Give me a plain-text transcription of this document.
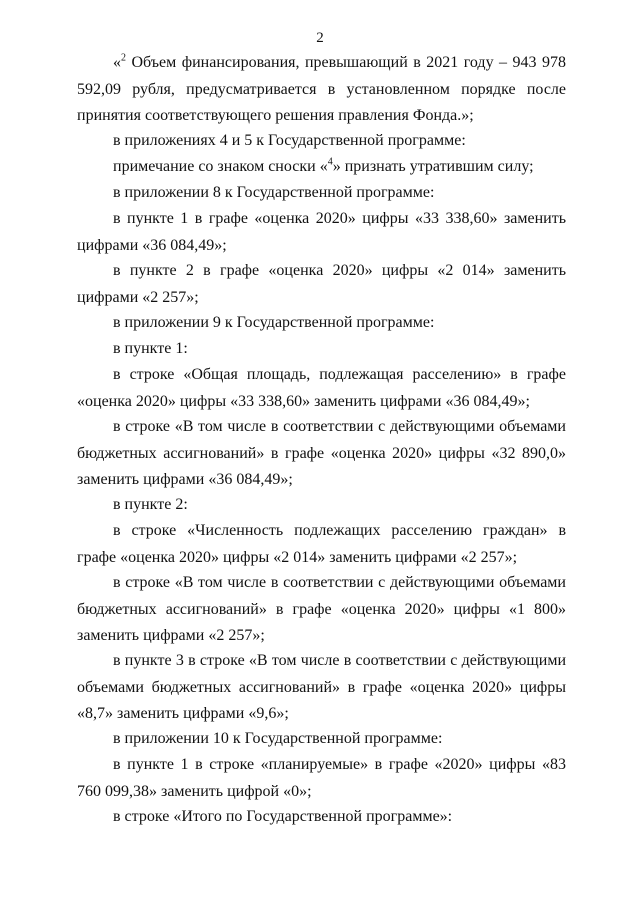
2

«$^2$ Объем финансирования, превышающий в 2021 году – 943 978 592,09 рубля, предусматривается в установленном порядке после принятия соответствующего решения правления Фонда.»;

в приложениях 4 и 5 к Государственной программе:

примечание со знаком сноски «$^4$» признать утратившим силу;

в приложении 8 к Государственной программе:

в пункте 1 в графе «оценка 2020» цифры «33 338,60» заменить цифрами «36 084,49»;

в пункте 2 в графе «оценка 2020» цифры «2 014» заменить цифрами «2 257»;

в приложении 9 к Государственной программе:

в пункте 1:

в строке «Общая площадь, подлежащая расселению» в графе «оценка 2020» цифры «33 338,60» заменить цифрами «36 084,49»;

в строке «В том числе в соответствии с действующими объемами бюджетных ассигнований» в графе «оценка 2020» цифры «32 890,0» заменить цифрами «36 084,49»;

в пункте 2:

в строке «Численность подлежащих расселению граждан» в графе «оценка 2020» цифры «2 014» заменить цифрами «2 257»;

в строке «В том числе в соответствии с действующими объемами бюджетных ассигнований» в графе «оценка 2020» цифры «1 800» заменить цифрами «2 257»;

в пункте 3 в строке «В том числе в соответствии с действующими объемами бюджетных ассигнований» в графе «оценка 2020» цифры «8,7» заменить цифрами «9,6»;

в приложении 10 к Государственной программе:

в пункте 1 в строке «планируемые» в графе «2020» цифры «83 760 099,38» заменить цифрой «0»;

в строке «Итого по Государственной программе»:
